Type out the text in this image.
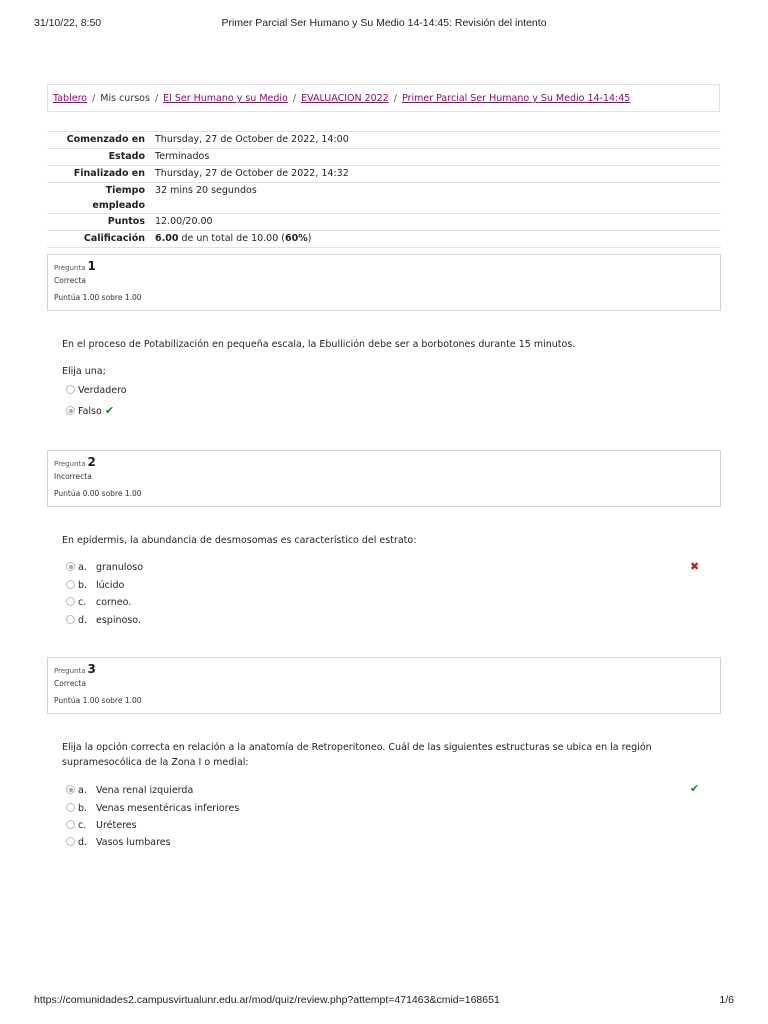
31/10/22, 8:50	Primer Parcial Ser Humano y Su Medio 14-14:45: Revisión del intento
Tablero / Mis cursos / El Ser Humano y su Medio / EVALUACION 2022 / Primer Parcial Ser Humano y Su Medio 14-14:45
Comenzado en	Thursday, 27 de October de 2022, 14:00
Estado	Terminados
Finalizado en	Thursday, 27 de October de 2022, 14:32
Tiempo
empleado	32 mins 20 segundos
Puntos	12.00/20.00
Calificación	6.00 de un total de 10.00 (60%)
Pregunta 1
Correcta
Puntúa 1.00 sobre 1.00
En el proceso de Potabilización en pequeña escala, la Ebullición debe ser a borbotones durante 15 minutos.
Elija una;
Verdadero
Falso ✔
Pregunta 2
Incorrecta
Puntúa 0.00 sobre 1.00
En epidermis, la abundancia de desmosomas es característico del estrato:
a. granuloso	✖
b. lúcido
c. corneo.
d. espinoso.
Pregunta 3
Correcta
Puntúa 1.00 sobre 1.00
Elija la opción correcta en relación a la anatomía de Retroperitoneo. Cuál de las siguientes estructuras se ubica en la región supramesocólica de la Zona I o medial:
a. Vena renal izquierda	✔
b. Venas mesentéricas inferiores
c. Uréteres
d. Vasos lumbares
https://comunidades2.campusvirtualunr.edu.ar/mod/quiz/review.php?attempt=471463&cmid=168651	1/6
